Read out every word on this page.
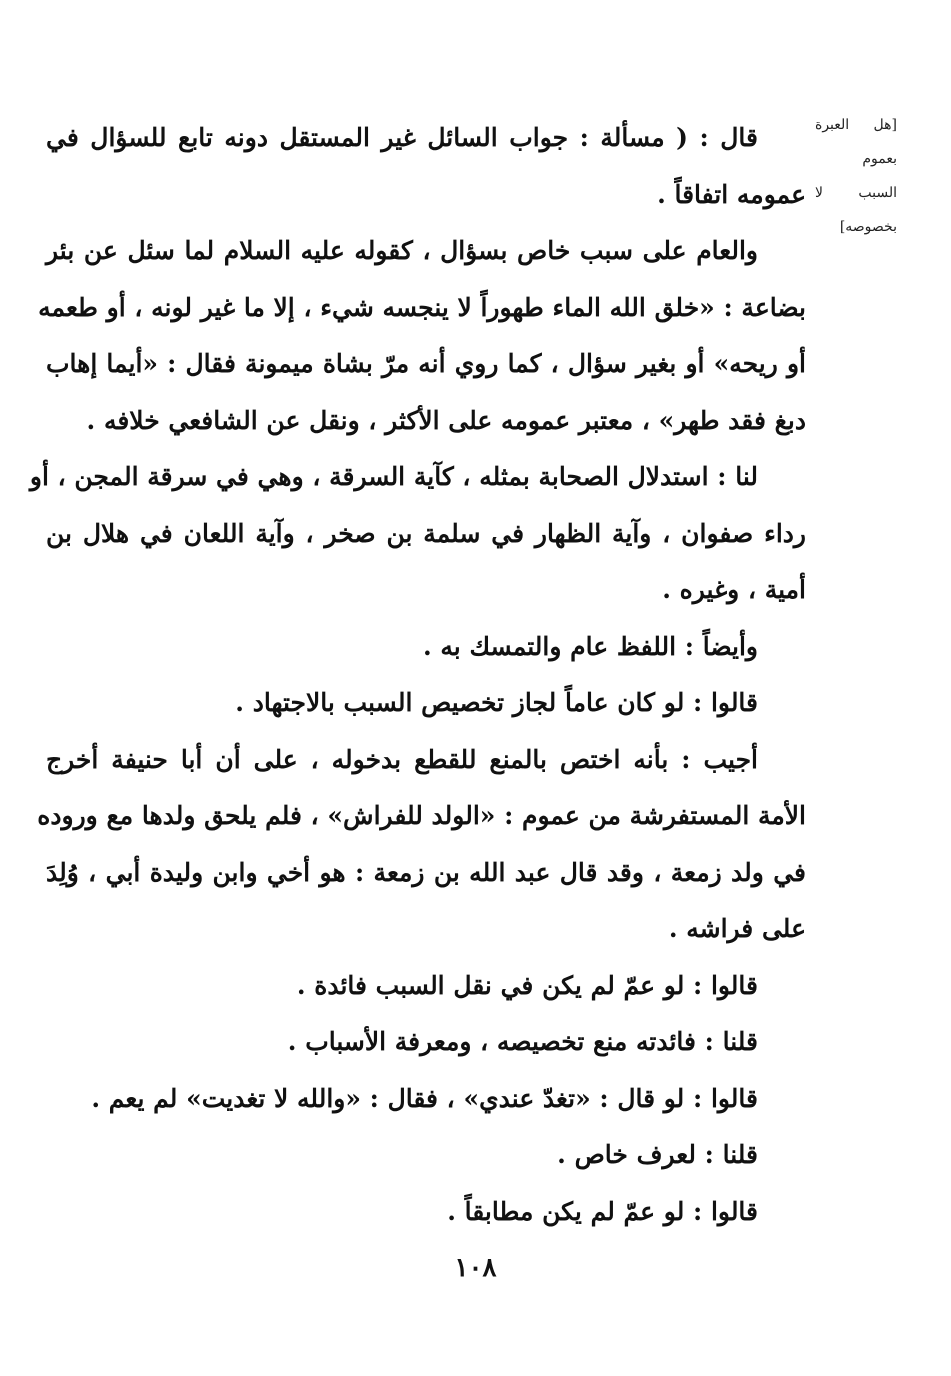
[هل العبرة
بعموم
السبب لا
بخصوصه]
قال : ( مسألة : جواب السائل غير المستقل دونه تابع للسؤال في
عمومه اتفاقاً .
والعام على سبب خاص بسؤال ، كقوله عليه السلام لما سئل عن بئر
بضاعة : «خلق الله الماء طهوراً لا ينجسه شيء ، إلا ما غير لونه ، أو طعمه
أو ريحه» أو بغير سؤال ، كما روي أنه مرّ بشاة ميمونة فقال : «أيما إهاب
دبغ فقد طهر» ، معتبر عمومه على الأكثر ، ونقل عن الشافعي خلافه .
لنا : استدلال الصحابة بمثله ، كآية السرقة ، وهي في سرقة المجن ، أو
رداء صفوان ، وآية الظهار في سلمة بن صخر ، وآية اللعان في هلال بن
أمية ، وغيره .
وأيضاً : اللفظ عام والتمسك به .
قالوا : لو كان عاماً لجاز تخصيص السبب بالاجتهاد .
أجيب : بأنه اختص بالمنع للقطع بدخوله ، على أن أبا حنيفة أخرج
الأمة المستفرشة من عموم : «الولد للفراش» ، فلم يلحق ولدها مع وروده
في ولد زمعة ، وقد قال عبد الله بن زمعة : هو أخي وابن وليدة أبي ، وُلِدَ
على فراشه .
قالوا : لو عمّ لم يكن في نقل السبب فائدة .
قلنا : فائدته منع تخصيصه ، ومعرفة الأسباب .
قالوا : لو قال : «تغدّ عندي» ، فقال : «والله لا تغديت» لم يعم .
قلنا : لعرف خاص .
قالوا : لو عمّ لم يكن مطابقاً .
١٠٨
